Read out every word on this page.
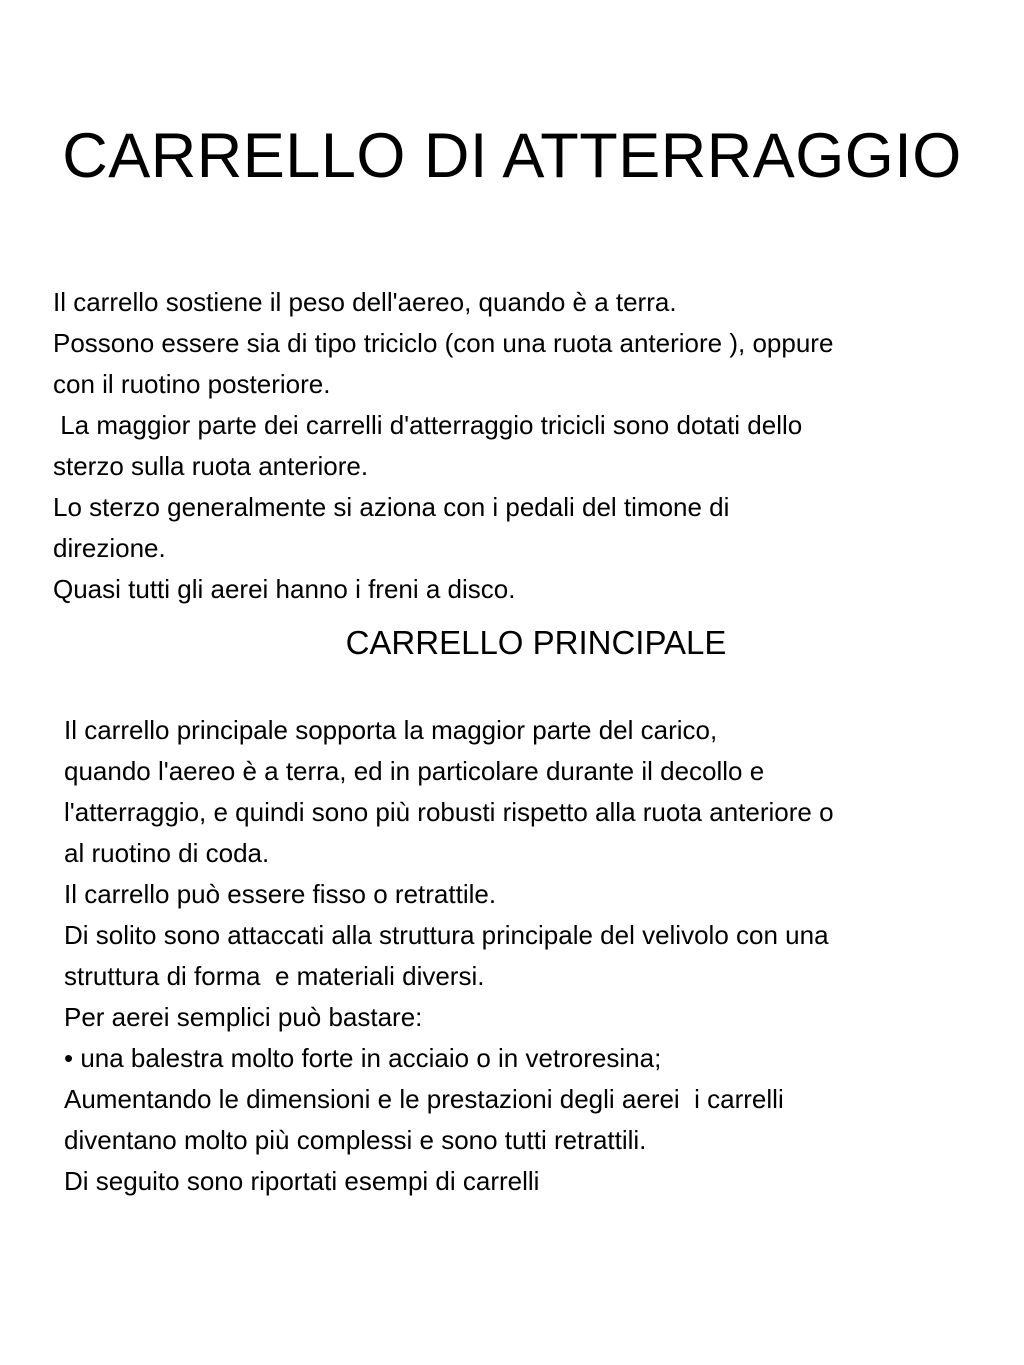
CARRELLO DI ATTERRAGGIO
Il carrello sostiene il peso dell'aereo, quando è a terra.
Possono essere sia di tipo triciclo (con una ruota anteriore ), oppure
con il ruotino posteriore.
La maggior parte dei carrelli d'atterraggio tricicli sono dotati dello
sterzo sulla ruota anteriore.
Lo sterzo generalmente si aziona con i pedali del timone di
direzione.
Quasi tutti gli aerei hanno i freni a disco.
CARRELLO PRINCIPALE
Il carrello principale sopporta la maggior parte del carico,
quando l'aereo è a terra, ed in particolare durante il decollo e
l'atterraggio, e quindi sono più robusti rispetto alla ruota anteriore o
al ruotino di coda.
Il carrello può essere fisso o retrattile.
Di solito sono attaccati alla struttura principale del velivolo con una
struttura di forma  e materiali diversi.
Per aerei semplici può bastare:
• una balestra molto forte in acciaio o in vetroresina;
Aumentando le dimensioni e le prestazioni degli aerei  i carrelli
diventano molto più complessi e sono tutti retrattili.
Di seguito sono riportati esempi di carrelli
